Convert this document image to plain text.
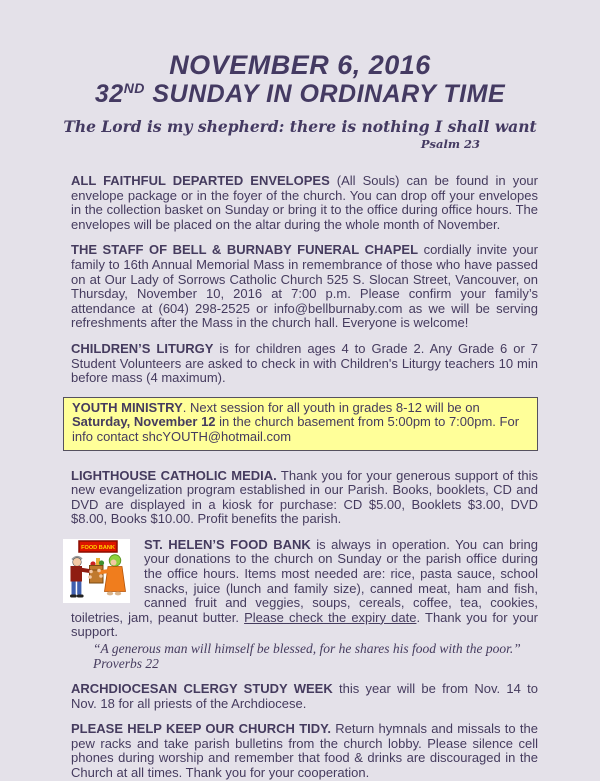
NOVEMBER 6, 2016
32ND SUNDAY IN ORDINARY TIME
The Lord is my shepherd: there is nothing I shall want
Psalm 23

ALL FAITHFUL DEPARTED ENVELOPES (All Souls) can be found in your envelope package or in the foyer of the church. You can drop off your envelopes in the collection basket on Sunday or bring it to the office during office hours. The envelopes will be placed on the altar during the whole month of November.

THE STAFF OF BELL & BURNABY FUNERAL CHAPEL cordially invite your family to 16th Annual Memorial Mass in remembrance of those who have passed on at Our Lady of Sorrows Catholic Church 525 S. Slocan Street, Vancouver, on Thursday, November 10, 2016 at 7:00 p.m. Please confirm your family’s attendance at (604) 298-2525 or info@bellburnaby.com as we will be serving refreshments after the Mass in the church hall. Everyone is welcome!

CHILDREN’S LITURGY is for children ages 4 to Grade 2. Any Grade 6 or 7 Student Volunteers are asked to check in with Children's Liturgy teachers 10 min before mass (4 maximum).

YOUTH MINISTRY. Next session for all youth in grades 8-12 will be on Saturday, November 12 in the church basement from 5:00pm to 7:00pm. For info contact shcYOUTH@hotmail.com

LIGHTHOUSE CATHOLIC MEDIA. Thank you for your generous support of this new evangelization program established in our Parish. Books, booklets, CD and DVD are displayed in a kiosk for purchase: CD $5.00, Booklets $3.00, DVD $8.00, Books $10.00. Profit benefits the parish.

FOOD BANK	ST. HELEN’S FOOD BANK is always in operation. You can bring your donations to the church on Sunday or the parish office during the office hours. Items most needed are: rice, pasta sauce, school snacks, juice (lunch and family size), canned meat, ham and fish, canned fruit and veggies, soups, cereals, coffee, tea, cookies, toiletries, jam, peanut butter. Please check the expiry date. Thank you for your support.

“A generous man will himself be blessed, for he shares his food with the poor.” Proverbs 22

ARCHDIOCESAN CLERGY STUDY WEEK this year will be from Nov. 14 to Nov. 18 for all priests of the Archdiocese.

PLEASE HELP KEEP OUR CHURCH TIDY. Return hymnals and missals to the pew racks and take parish bulletins from the church lobby. Please silence cell phones during worship and remember that food & drinks are discouraged in the Church at all times. Thank you for your cooperation.
